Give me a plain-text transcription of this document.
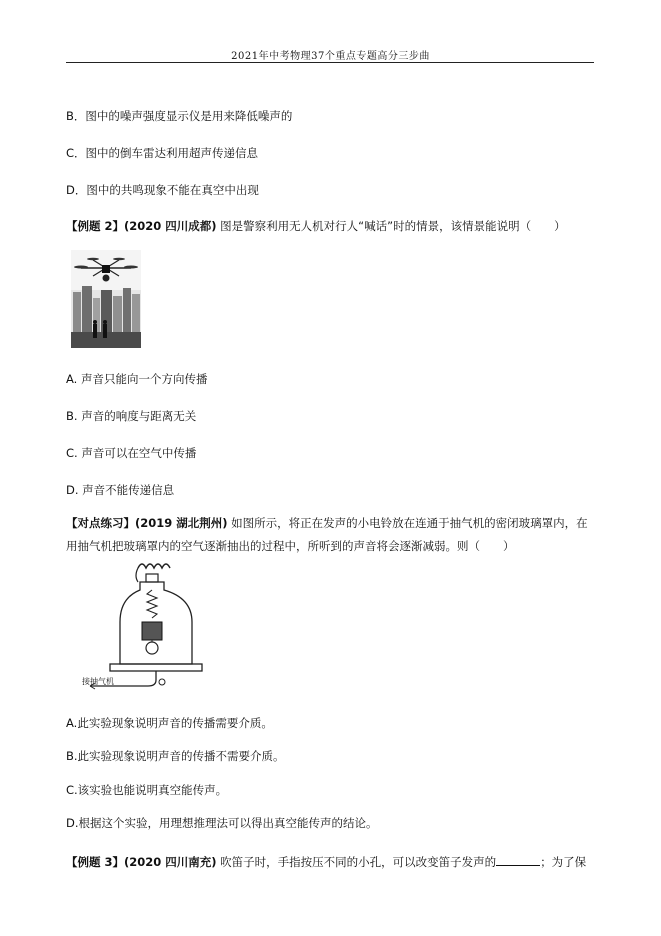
2021年中考物理37个重点专题高分三步曲
B．图中的噪声强度显示仪是用来降低噪声的
C．图中的倒车雷达利用超声传递信息
D．图中的共鸣现象不能在真空中出现
【例题 2】(2020 四川成都) 图是警察利用无人机对行人“喊话”时的情景，该情景能说明（　　）
A. 声音只能向一个方向传播
B. 声音的响度与距离无关
C. 声音可以在空气中传播
D. 声音不能传递信息
【对点练习】(2019 湖北荆州) 如图所示，将正在发声的小电铃放在连通于抽气机的密闭玻璃罩内，在
用抽气机把玻璃罩内的空气逐渐抽出的过程中，所听到的声音将会逐渐减弱。则（　　）
接抽气机
A.此实验现象说明声音的传播需要介质。
B.此实验现象说明声音的传播不需要介质。
C.该实验也能说明真空能传声。
D.根据这个实验，用理想推理法可以得出真空能传声的结论。
【例题 3】(2020 四川南充) 吹笛子时，手指按压不同的小孔，可以改变笛子发声的	；为了保
